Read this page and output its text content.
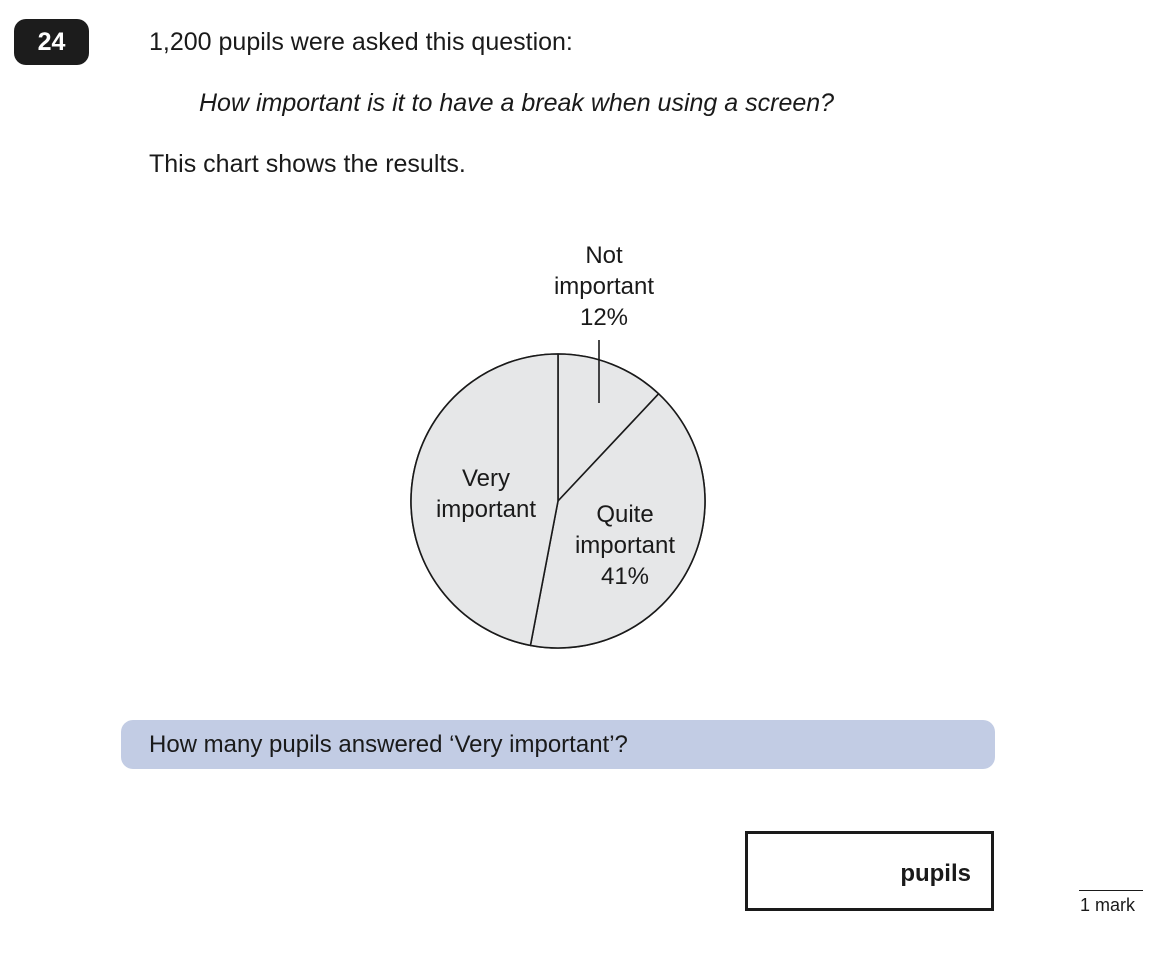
24	1,200 pupils were asked this question:
How important is it to have a break when using a screen?
This chart shows the results.
Not important 12%
Quite important 41%
Very important
How many pupils answered ‘Very important’?
pupils
1 mark
